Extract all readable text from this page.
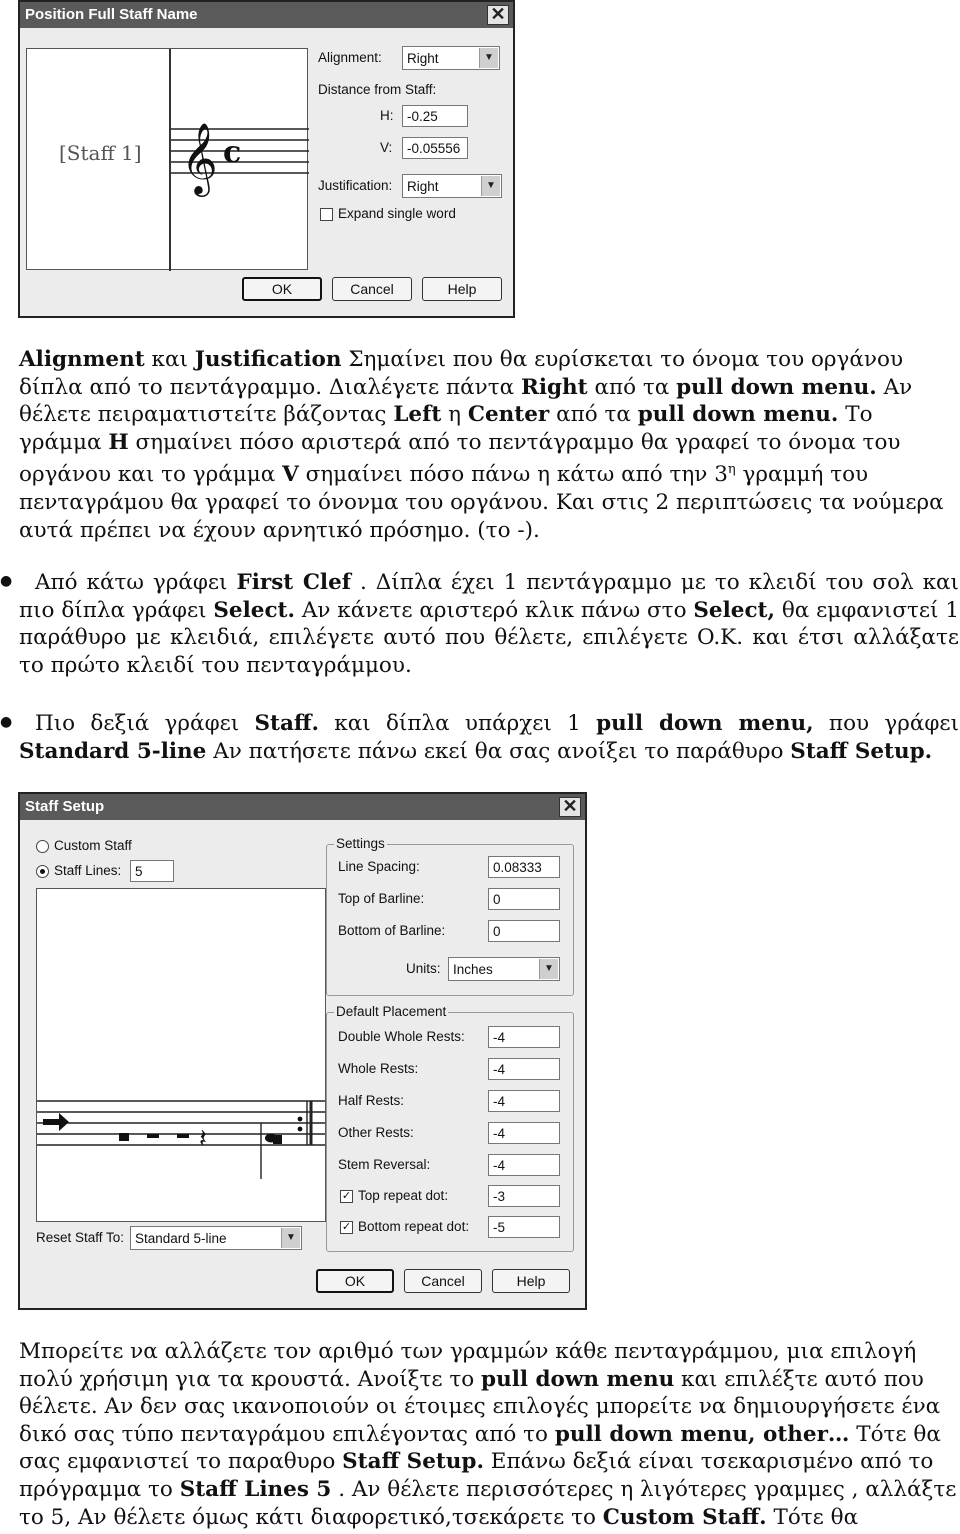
Position Full Staff Name	✕
[Staff 1] 𝄞 c
Alignment:	Right	▼
Distance from Staff:
H:	-0.25
V:	-0.05556
Justification:	Right	▼
Expand single word
OK	Cancel	Help

Alignment και Justification Σημαίνει που θα ευρίσκεται το όνομα του οργάνου δίπλα από το πεντάγραμμο. Διαλέγετε πάντα Right από τα pull down menu. Αν θέλετε πειραματιστείτε βάζοντας Left η Center από τα pull down menu. Το γράμμα H σημαίνει πόσο αριστερά από το πεντάγραμμο θα γραφεί το όνομα του οργάνου και το γράμμα V σημαίνει πόσο πάνω η κάτω από την $3^\eta$ γραμμή του πενταγράμου θα γραφεί το όνονμα του οργάνου. Και στις 2 περιπτώσεις τα νούμερα αυτά πρέπει να έχουν αρνητικό πρόσημο. (το -).

●	Από κάτω γράφει First Clef . Δίπλα έχει 1 πεντάγραμμο με το κλειδί του σολ και πιο δίπλα γράφει Select. Αν κάνετε αριστερό κλικ πάνω στο Select, θα εμφανιστεί 1 παράθυρο με κλειδιά, επιλέγετε αυτό που θέλετε, επιλέγετε O.K. και έτσι αλλάξατε το πρώτο κλειδί του πενταγράμμου.

●	Πιο δεξιά γράφει Staff. και δίπλα υπάρχει 1 pull down menu, που γράφει Standard 5-line Αν πατήσετε πάνω εκεί θα σας ανοίξει το παράθυρο Staff Setup.

Staff Setup	✕
Custom Staff
Staff Lines:	5
𝄽
Settings
Line Spacing:	0.08333
Top of Barline:	0
Bottom of Barline:	0
Units: Inches	▼
Default Placement
Double Whole Rests:	-4
Whole Rests:	-4
Half Rests:	-4
Other Rests:	-4
Stem Reversal:	-4
✓ Top repeat dot:	-3
✓ Bottom repeat dot:	-5
Reset Staff To: Standard 5-line	▼
OK	Cancel	Help

Μπορείτε να αλλάζετε τον αριθμό των γραμμών κάθε πενταγράμμου, μια επιλογή πολύ χρήσιμη για τα κρουστά. Ανοίξτε το pull down menu και επιλέξτε αυτό που θέλετε. Αν δεν σας ικανοποιούν οι έτοιμες επιλογές μπορείτε να δημιουργήσετε ένα δικό σας τύπο πενταγράμου επιλέγοντας από το pull down menu, other… Τότε θα σας εμφανιστεί το παραθυρο Staff Setup. Επάνω δεξιά είναι τσεκαρισμένο από το πρόγραμμα το Staff Lines 5 . Αν θέλετε περισσότερες η λιγότερες γραμμες , αλλάξτε το 5, Αν θέλετε όμως κάτι διαφορετικό,τσεκάρετε το Custom Staff. Τότε θα
